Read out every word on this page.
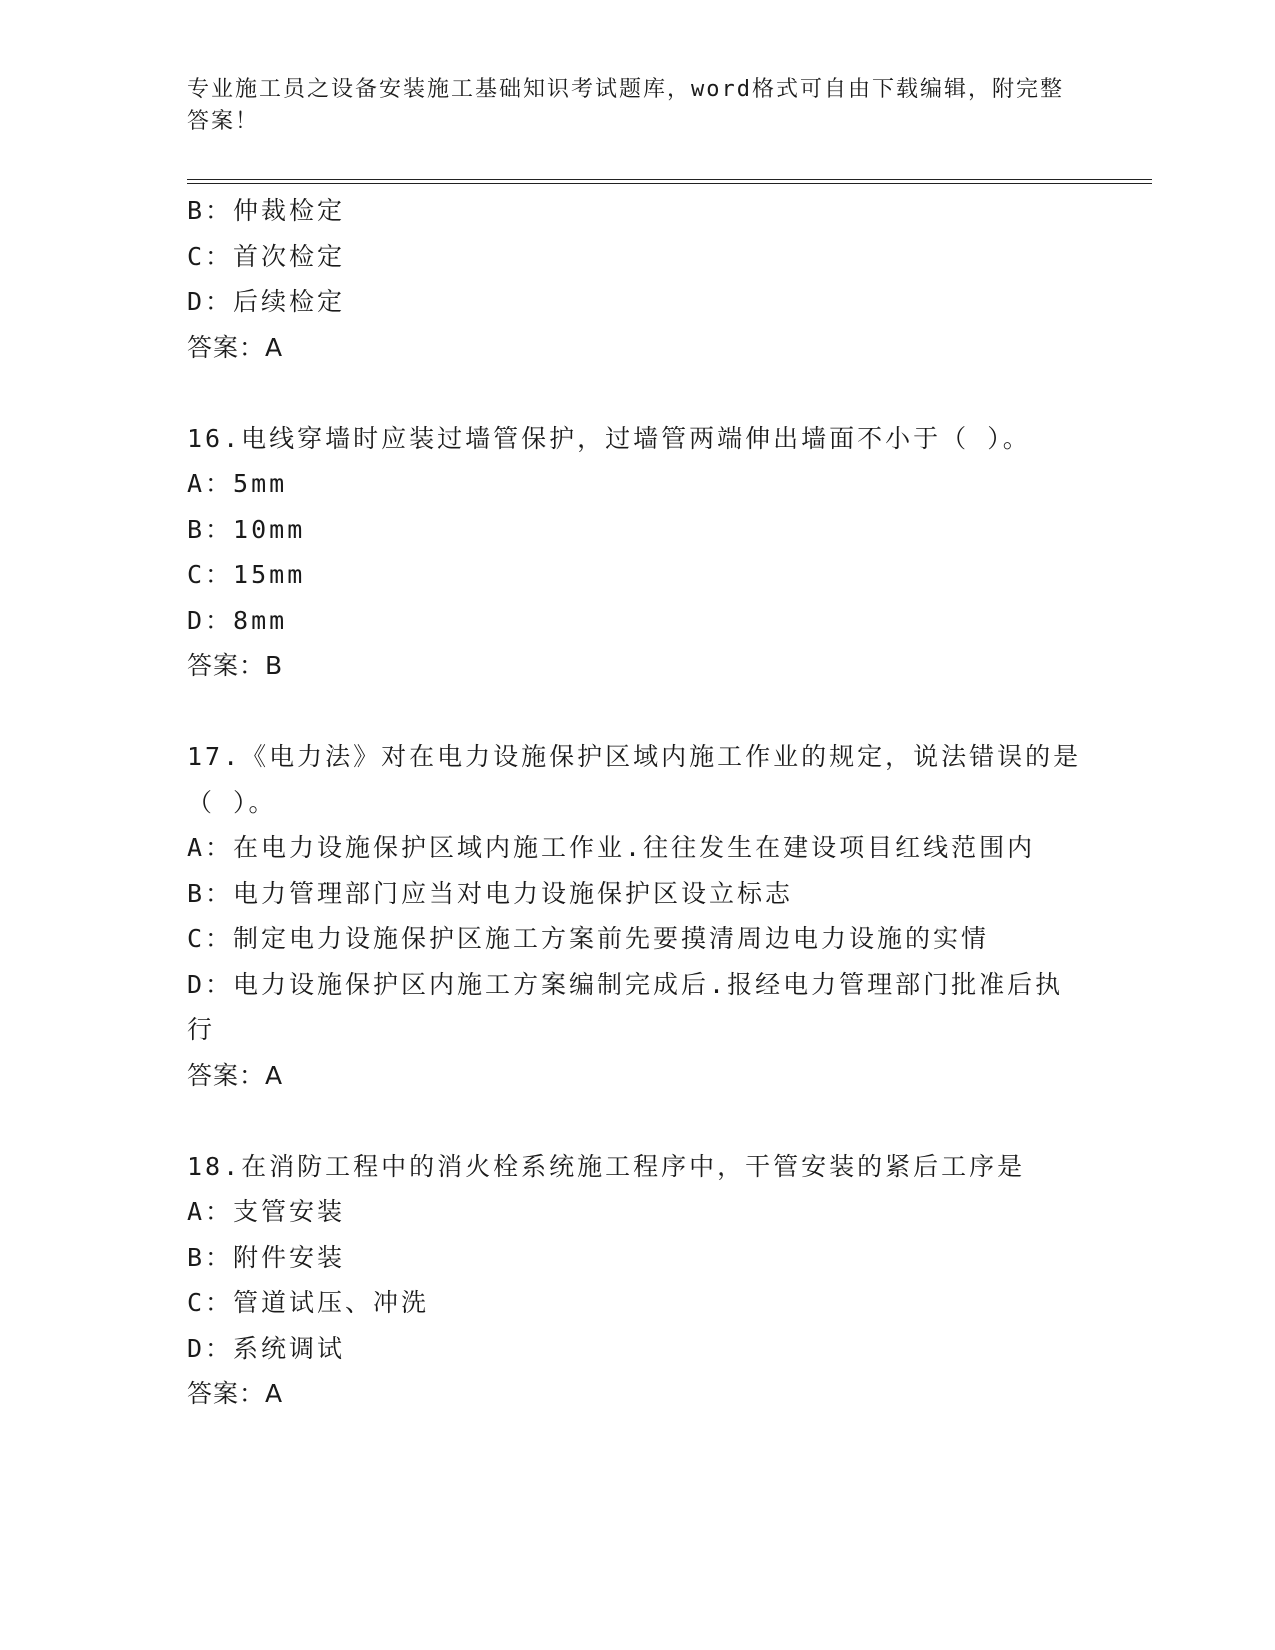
专业施工员之设备安装施工基础知识考试题库，word格式可自由下载编辑，附完整答案！
B：仲裁检定
C：首次检定
D：后续检定
答案：A
16.电线穿墙时应装过墙管保护，过墙管两端伸出墙面不小于（ ）。
A：5mm
B：10mm
C：15mm
D：8mm
答案：B
17.《电力法》对在电力设施保护区域内施工作业的规定，说法错误的是（ ）。
A：在电力设施保护区域内施工作业.往往发生在建设项目红线范围内
B：电力管理部门应当对电力设施保护区设立标志
C：制定电力设施保护区施工方案前先要摸清周边电力设施的实情
D：电力设施保护区内施工方案编制完成后.报经电力管理部门批准后执行
答案：A
18.在消防工程中的消火栓系统施工程序中，干管安装的紧后工序是
A：支管安装
B：附件安装
C：管道试压、冲洗
D：系统调试
答案：A
